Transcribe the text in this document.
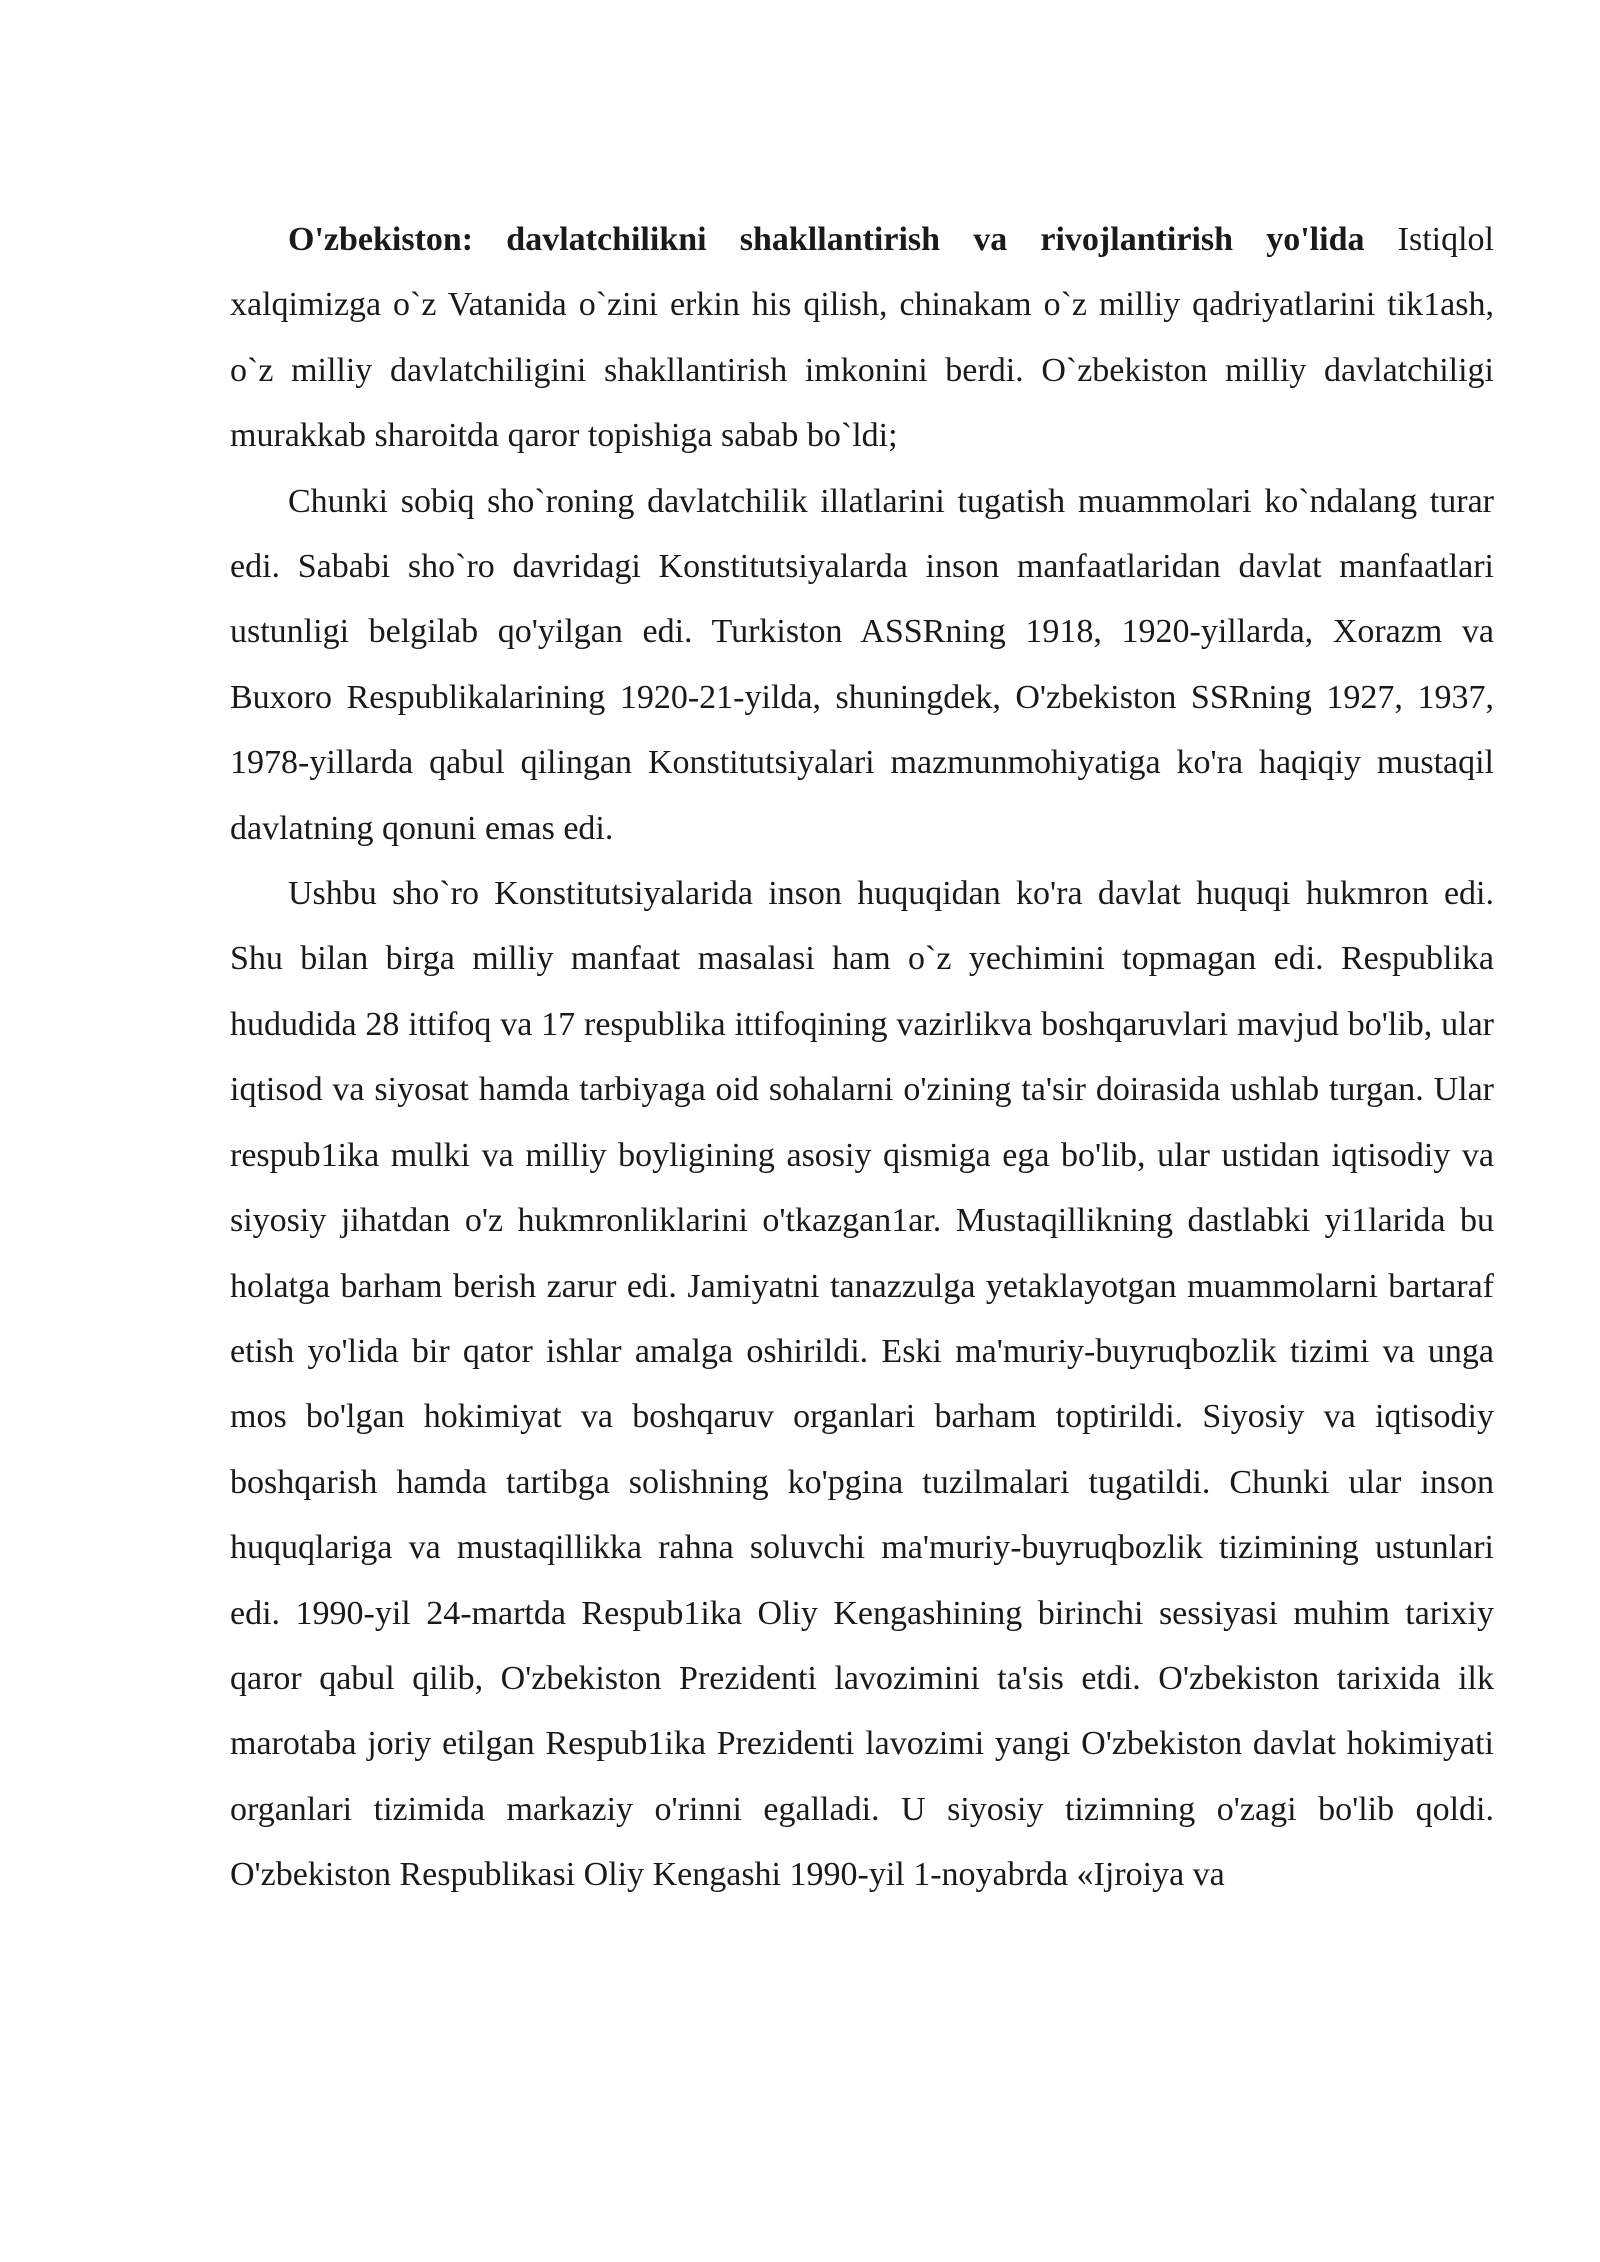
O'zbekiston: davlatchilikni shakllantirish va rivojlantirish yo'lida Istiqlol xalqimizga o`z Vatanida o`zini erkin his qilish, chinakam o`z milliy qadriyatlarini tik1ash, o`z milliy davlatchiligini shakllantirish imkonini berdi. O`zbekiston milliy davlatchiligi murakkab sharoitda qaror topishiga sabab bo`ldi;

Chunki sobiq sho`roning davlatchilik illatlarini tugatish muammolari ko`ndalang turar edi. Sababi sho`ro davridagi Konstitutsiyalarda inson manfaatlaridan davlat manfaatlari ustunligi belgilab qo'yilgan edi. Turkiston ASSRning 1918, 1920-yillarda, Xorazm va Buxoro Respublikalarining 1920-21-yilda, shuningdek, O'zbekiston SSRning 1927, 1937, 1978-yillarda qabul qilingan Konstitutsiyalari mazmunmohiyatiga ko'ra haqiqiy mustaqil davlatning qonuni emas edi.

Ushbu sho`ro Konstitutsiyalarida inson huquqidan ko'ra davlat huquqi hukmron edi. Shu bilan birga milliy manfaat masalasi ham o`z yechimini topmagan edi. Respublika hududida 28 ittifoq va 17 respublika ittifoqining vazirlikva boshqaruvlari mavjud bo'lib, ular iqtisod va siyosat hamda tarbiyaga oid sohalarni o'zining ta'sir doirasida ushlab turgan. Ular respub1ika mulki va milliy boyligining asosiy qismiga ega bo'lib, ular ustidan iqtisodiy va siyosiy jihatdan o'z hukmronliklarini o'tkazgan1ar. Mustaqillikning dastlabki yi1larida bu holatga barham berish zarur edi. Jamiyatni tanazzulga yetaklayotgan muammolarni bartaraf etish yo'lida bir qator ishlar amalga oshirildi. Eski ma'muriy-buyruqbozlik tizimi va unga mos bo'lgan hokimiyat va boshqaruv organlari barham toptirildi. Siyosiy va iqtisodiy boshqarish hamda tartibga solishning ko'pgina tuzilmalari tugatildi. Chunki ular inson huquqlariga va mustaqillikka rahna soluvchi ma'muriy-buyruqbozlik tizimining ustunlari edi. 1990-yil 24-martda Respub1ika Oliy Kengashining birinchi sessiyasi muhim tarixiy qaror qabul qilib, O'zbekiston Prezidenti lavozimini ta'sis etdi. O'zbekiston tarixida ilk marotaba joriy etilgan Respub1ika Prezidenti lavozimi yangi O'zbekiston davlat hokimiyati organlari tizimida markaziy o'rinni egalladi. U siyosiy tizimning o'zagi bo'lib qoldi. O'zbekiston Respublikasi Oliy Kengashi 1990-yil 1-noyabrda «Ijroiya va
